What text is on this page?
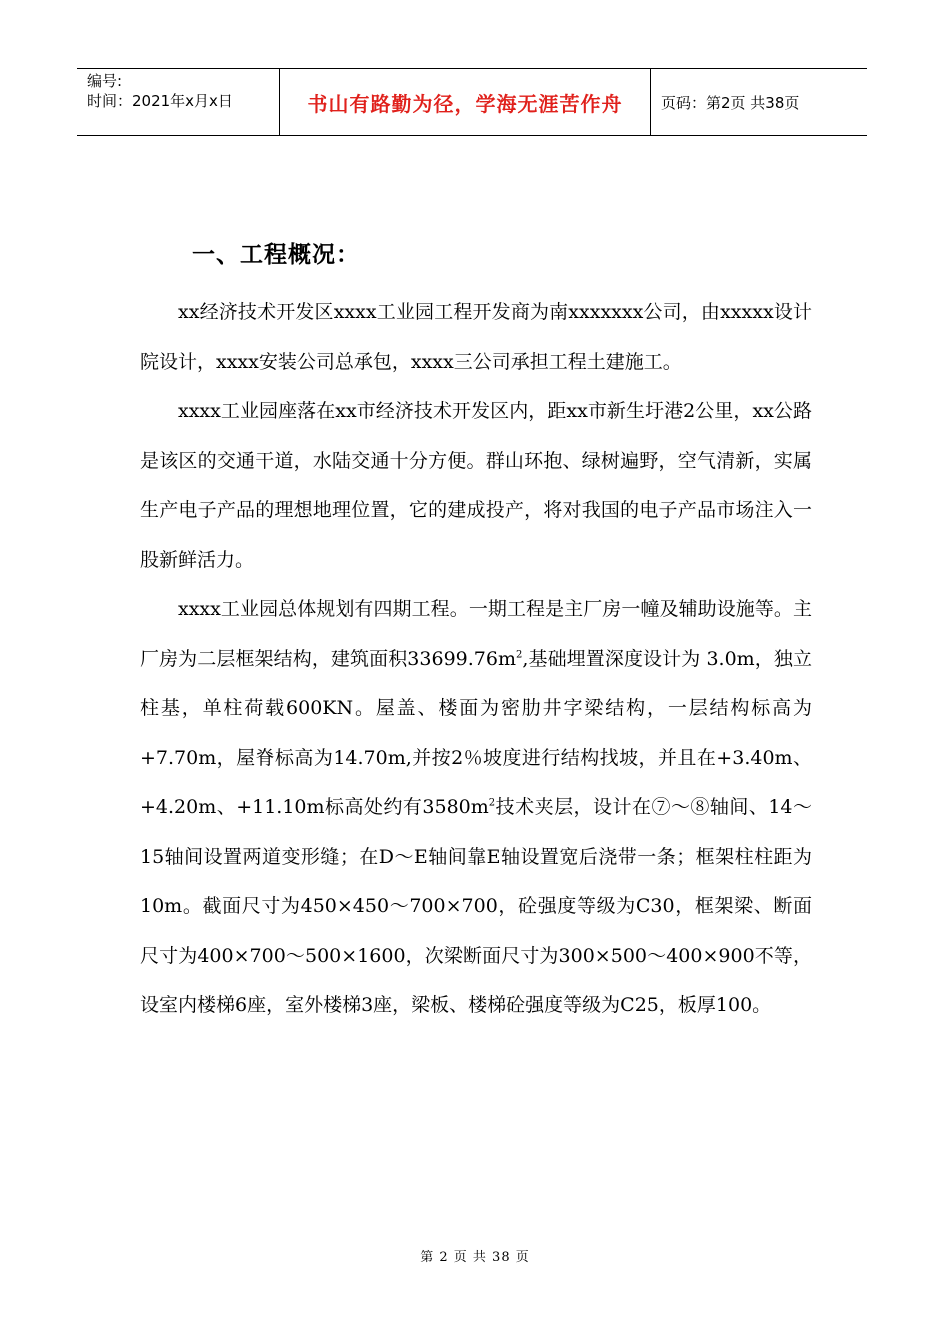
编号:
时间：2021年x月x日	书山有路勤为径，学海无涯苦作舟	页码：第2页 共38页
一、工程概况：

xx经济技术开发区xxxx工业园工程开发商为南xxxxxxx公司，由xxxxx设计院设计，xxxx安装公司总承包，xxxx三公司承担工程土建施工。

xxxx工业园座落在xx市经济技术开发区内，距xx市新生圩港2公里，xx公路是该区的交通干道，水陆交通十分方便。群山环抱、绿树遍野，空气清新，实属生产电子产品的理想地理位置，它的建成投产，将对我国的电子产品市场注入一股新鲜活力。

xxxx工业园总体规划有四期工程。一期工程是主厂房一幢及辅助设施等。主厂房为二层框架结构，建筑面积$33699.76m^2$,基础埋置深度设计为 3.0m，独立柱基，单柱荷载600KN。屋盖、楼面为密肋井字梁结构，一层结构标高为+7.70m，屋脊标高为14.70m,并按2％坡度进行结构找坡，并且在+3.40m、+4.20m、+11.10m标高处约有$3580m^2$技术夹层，设计在⑦～⑧轴间、14～15轴间设置两道变形缝；在D～E轴间靠E轴设置宽后浇带一条；框架柱柱距为10m。截面尺寸为450×450～700×700，砼强度等级为C30，框架梁、断面尺寸为400×700～500×1600，次梁断面尺寸为300×500～400×900不等，设室内楼梯6座，室外楼梯3座，梁板、楼梯砼强度等级为C25，板厚100。

第 2 页 共 38 页
